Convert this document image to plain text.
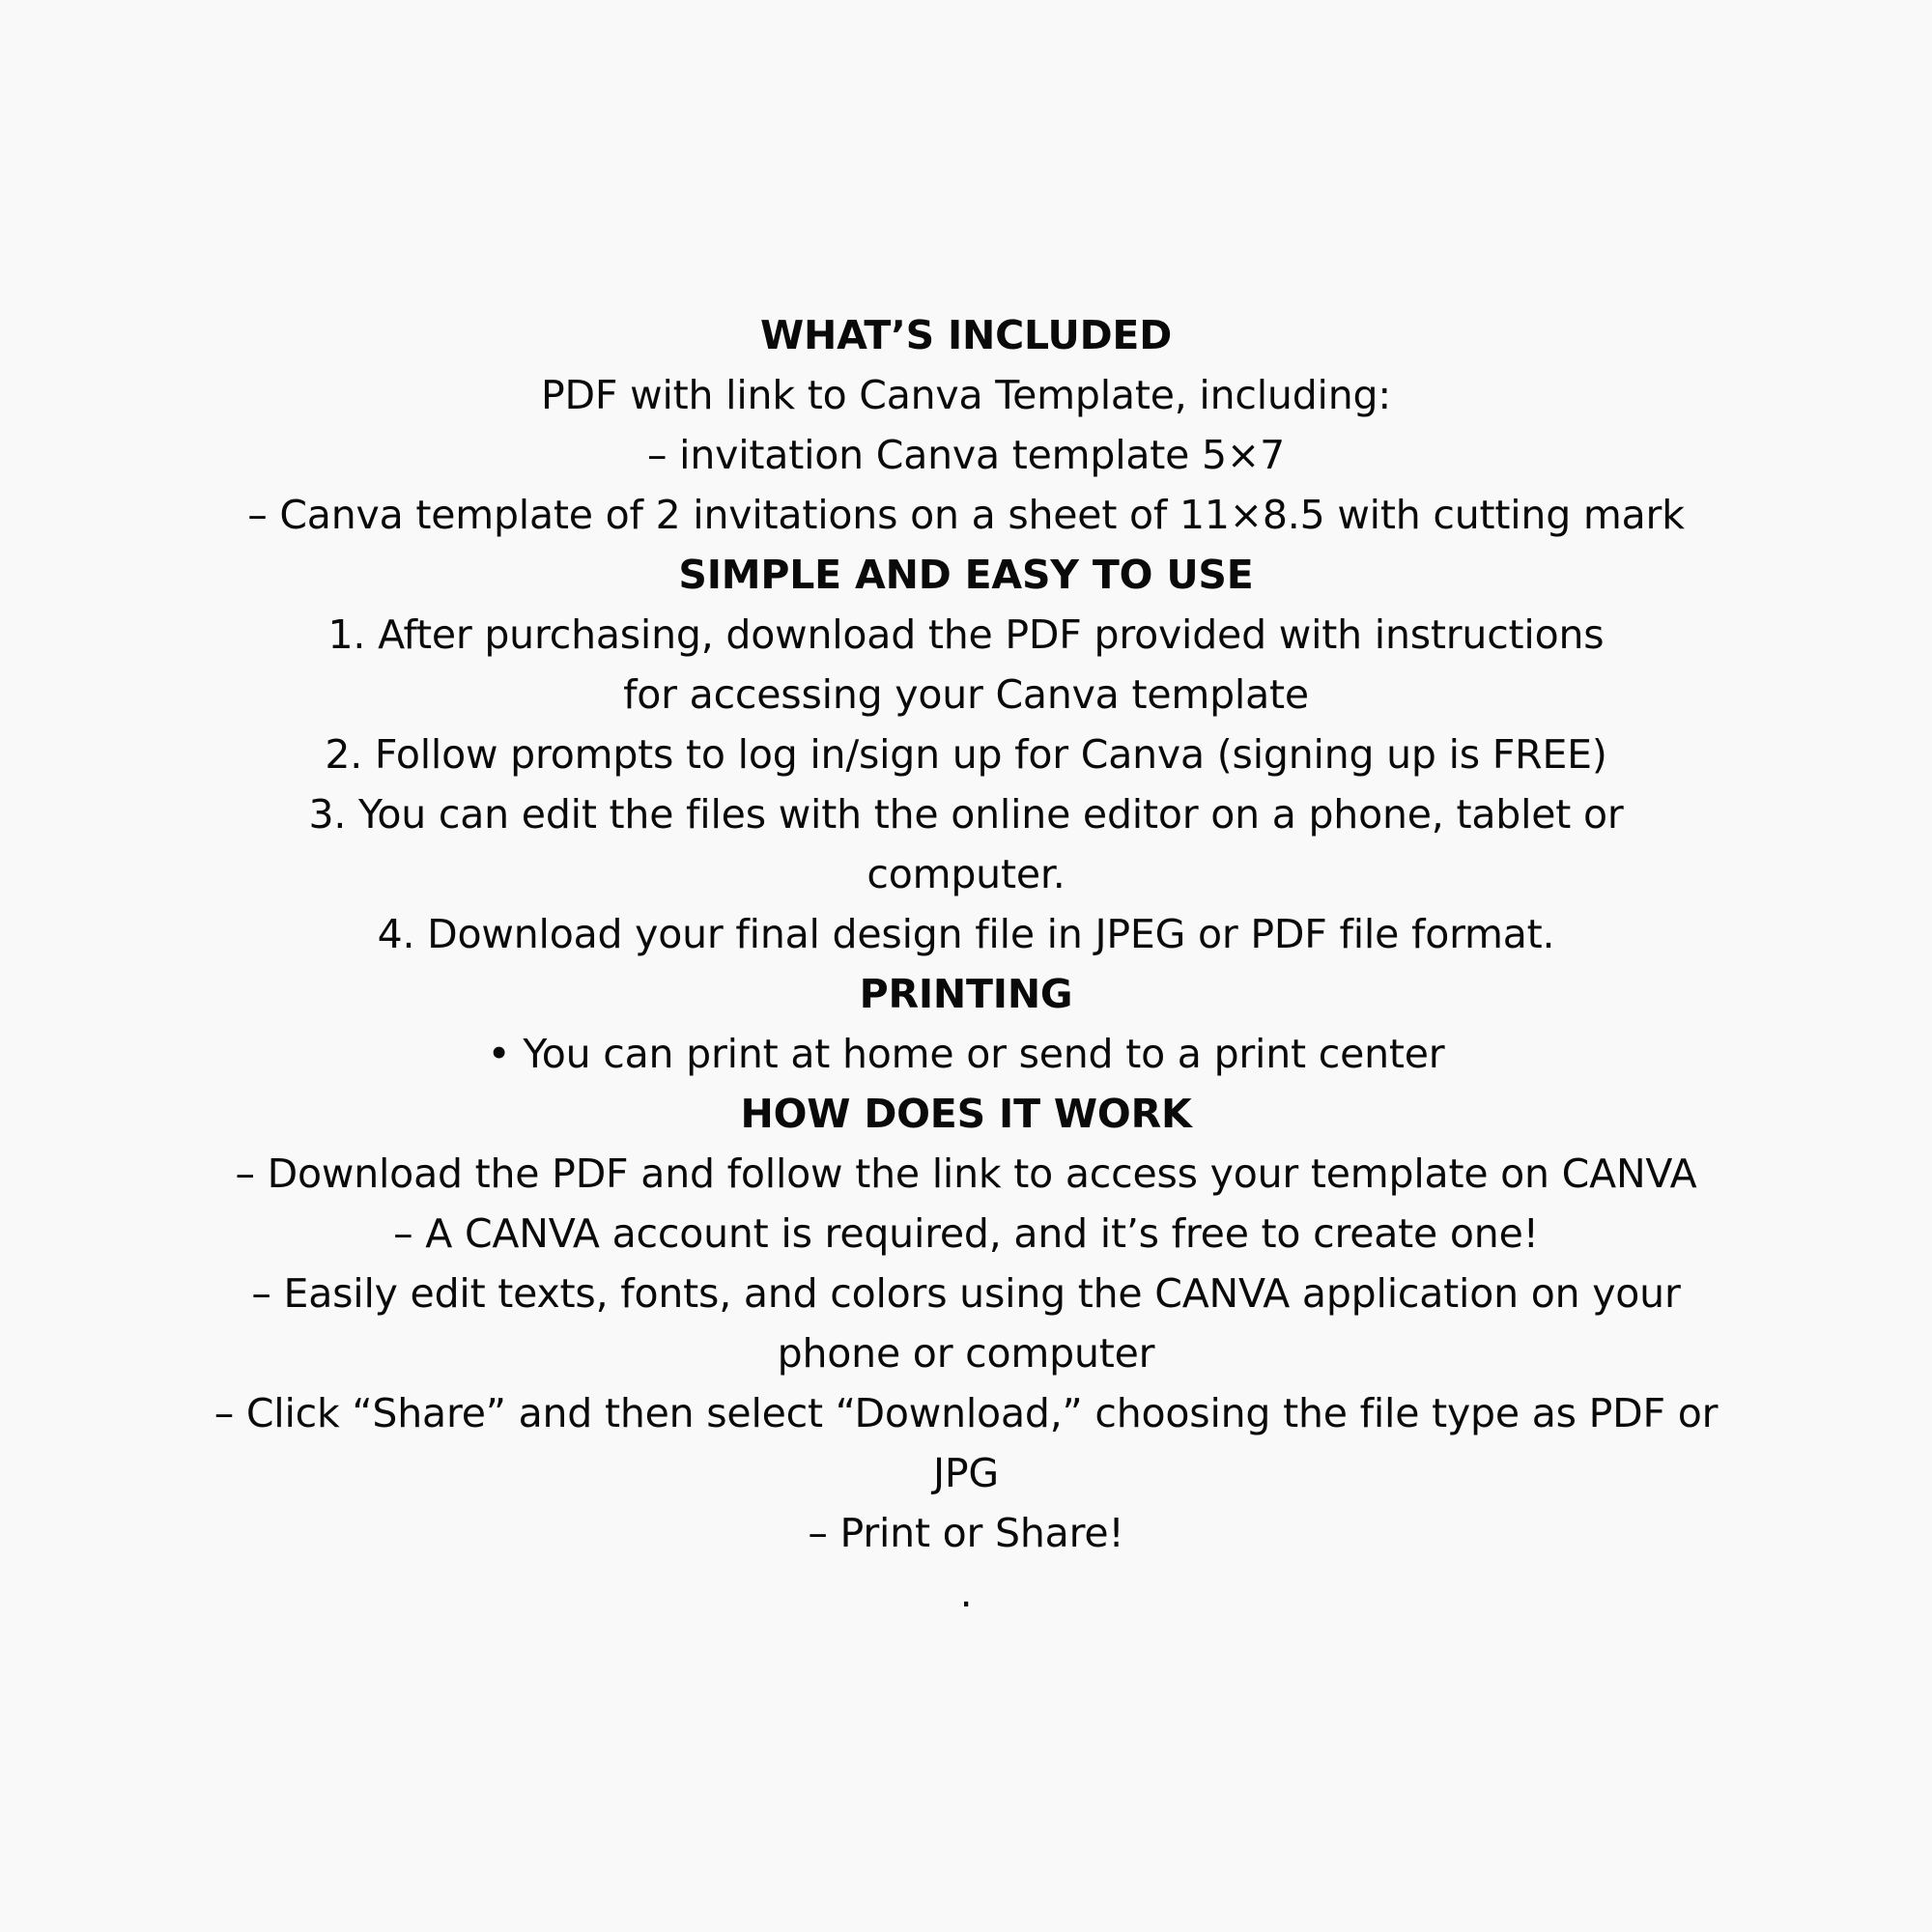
WHAT’S INCLUDED
PDF with link to Canva Template, including:
– invitation Canva template 5×7
– Canva template of 2 invitations on a sheet of 11×8.5 with cutting mark
SIMPLE AND EASY TO USE
1. After purchasing, download the PDF provided with instructions
for accessing your Canva template
2. Follow prompts to log in/sign up for Canva (signing up is FREE)
3. You can edit the files with the online editor on a phone, tablet or
computer.
4. Download your final design file in JPEG or PDF file format.
PRINTING
• You can print at home or send to a print center
HOW DOES IT WORK
– Download the PDF and follow the link to access your template on CANVA
– A CANVA account is required, and it’s free to create one!
– Easily edit texts, fonts, and colors using the CANVA application on your
phone or computer
– Click “Share” and then select “Download,” choosing the file type as PDF or
JPG
– Print or Share!
.
